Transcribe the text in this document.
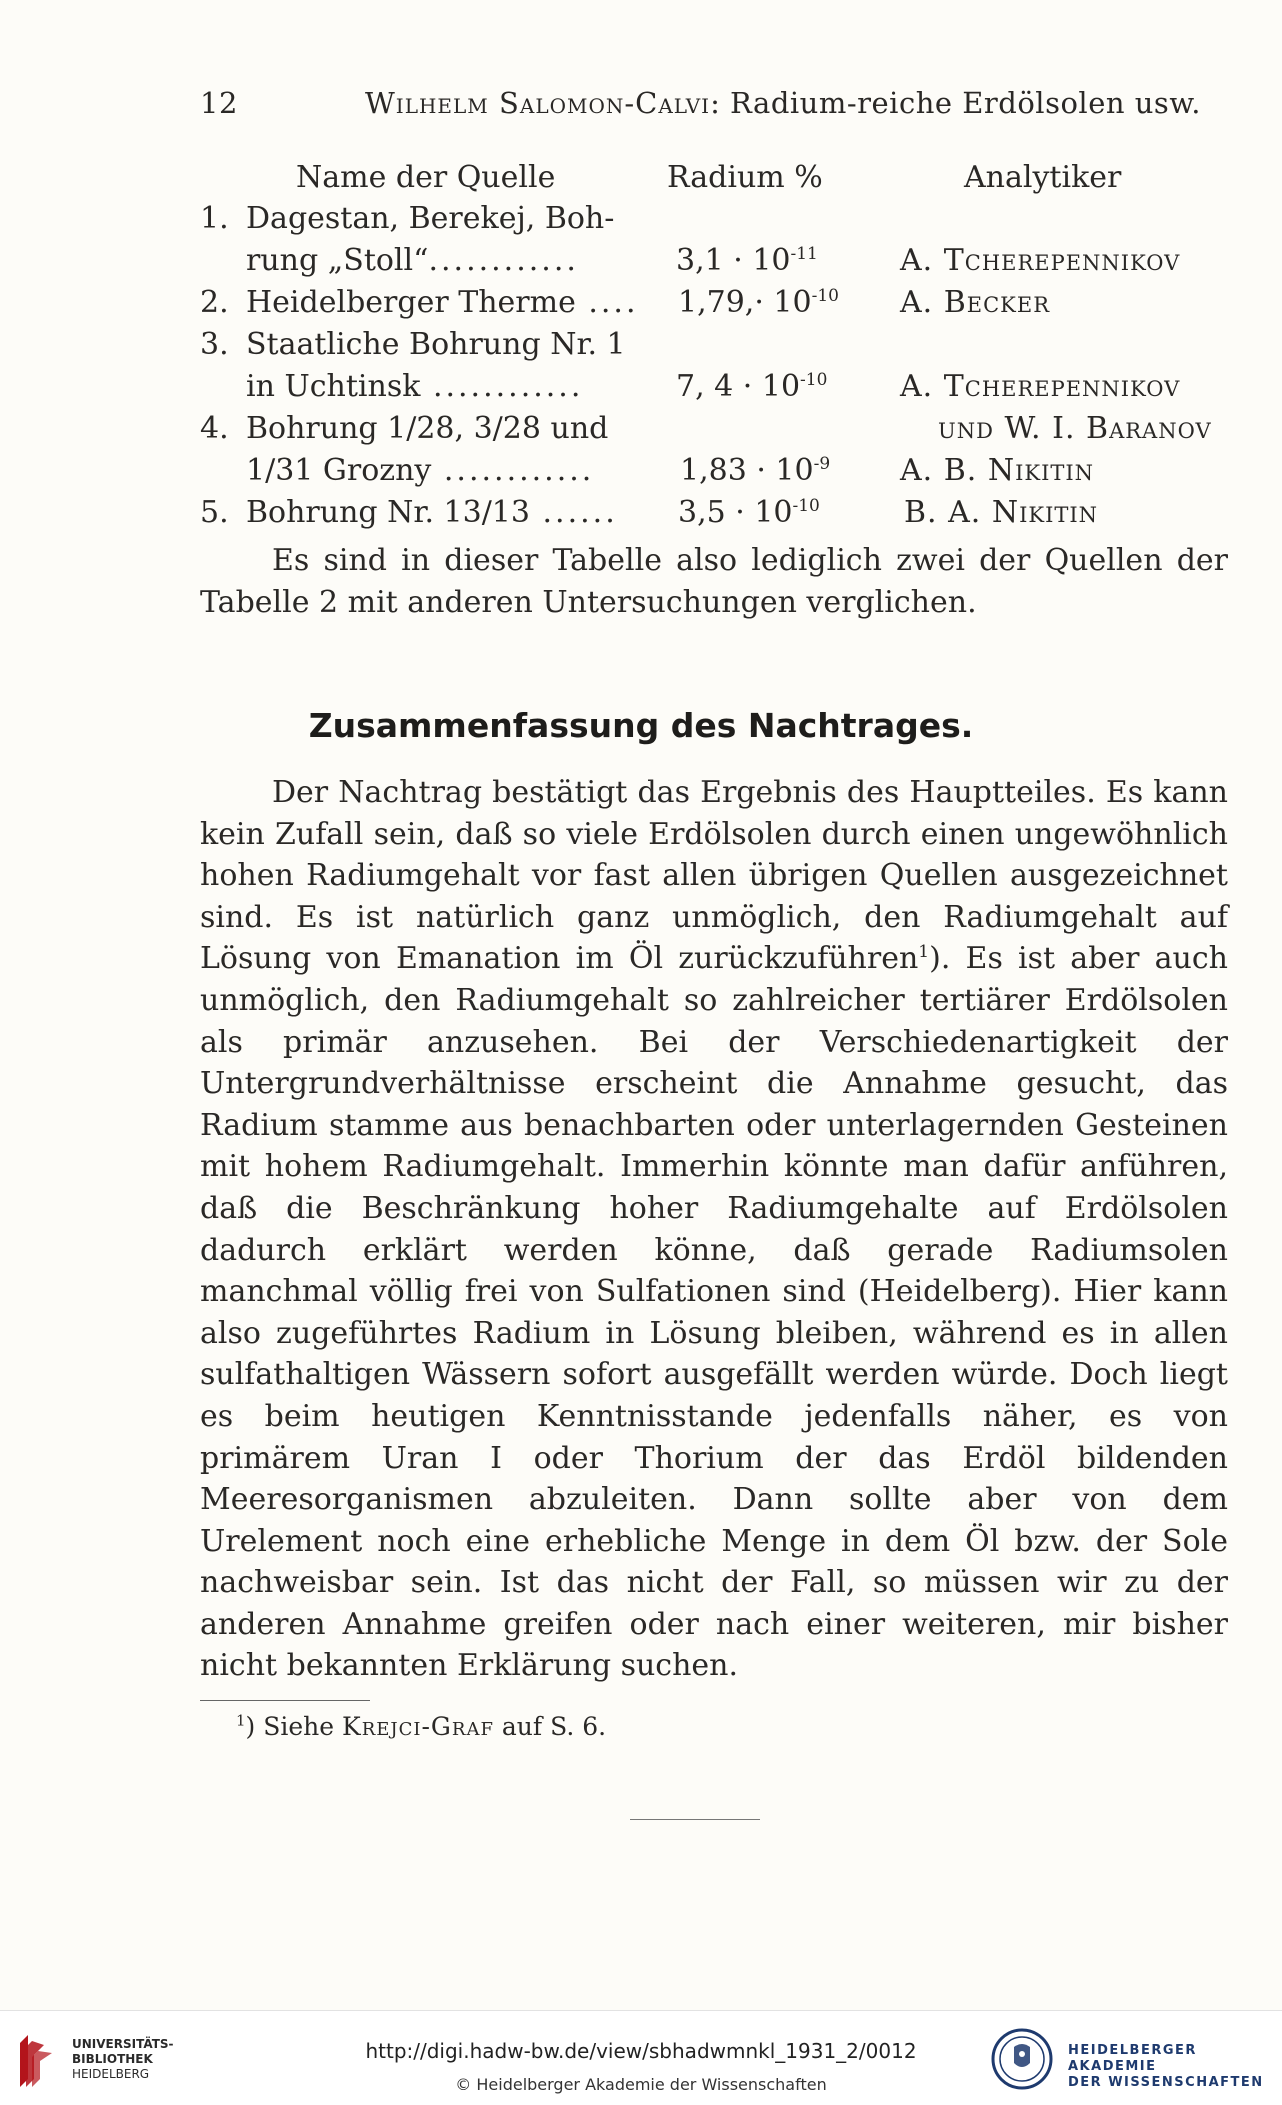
12	Wilhelm Salomon-Calvi: Radium-reiche Erdölsolen usw.
Name der Quelle	Radium %	Analytiker
1. Dagestan, Berekej, Boh-
rung „Stoll“............	$3,1 \cdot 10^{-11}$	A. Tcherepennikov
2. Heidelberger Therme .... $1,79,\cdot 10^{-10}$ A. Becker
3. Staatliche Bohrung Nr. 1
in Uchtinsk ............	7, $4 \cdot 10^{-10}$ A. Tcherepennikov
4. Bohrung 1/28, 3/28 und	und W. I. Baranov
1/31 Grozny ............	$1,83 \cdot 10^{-9}$ A. B. Nikitin
5. Bohrung Nr. 13/13 ...... $3,5 \cdot 10^{-10}$	B. A. Nikitin

Es sind in dieser Tabelle also lediglich zwei der Quellen der Tabelle 2 mit anderen Untersuchungen verglichen.

Zusammenfassung des Nachtrages.

Der Nachtrag bestätigt das Ergebnis des Hauptteiles. Es kann kein Zufall sein, daß so viele Erdölsolen durch einen ungewöhnlich hohen Radiumgehalt vor fast allen übrigen Quellen ausgezeichnet sind. Es ist natürlich ganz unmöglich, den Radiumgehalt auf Lösung von Emanation im Öl zurückzuführen$^1$). Es ist aber auch unmöglich, den Radiumgehalt so zahlreicher tertiärer Erdölsolen als primär anzusehen. Bei der Verschiedenartigkeit der Untergrundverhältnisse erscheint die Annahme gesucht, das Radium stamme aus benachbarten oder unterlagernden Gesteinen mit hohem Radiumgehalt. Immerhin könnte man dafür anführen, daß die Beschränkung hoher Radiumgehalte auf Erdölsolen dadurch erklärt werden könne, daß gerade Radiumsolen manchmal völlig frei von Sulfationen sind (Heidelberg). Hier kann also zugeführtes Radium in Lösung bleiben, während es in allen sulfathaltigen Wässern sofort ausgefällt werden würde. Doch liegt es beim heutigen Kenntnisstande jedenfalls näher, es von primärem Uran I oder Thorium der das Erdöl bildenden Meeresorganismen abzuleiten. Dann sollte aber von dem Urelement noch eine erhebliche Menge in dem Öl bzw. der Sole nachweisbar sein. Ist das nicht der Fall, so müssen wir zu der anderen Annahme greifen oder nach einer weiteren, mir bisher nicht bekannten Erklärung suchen.

$^1$) Siehe Krejci-Graf auf S. 6.
UNIVERSITÄTS-
BIBLIOTHEK
HEIDELBERG
http://digi.hadw-bw.de/view/sbhadwmnkl_1931_2/0012
© Heidelberger Akademie der Wissenschaften
HEIDELBERGER AKADEMIE
DER WISSENSCHAFTEN
